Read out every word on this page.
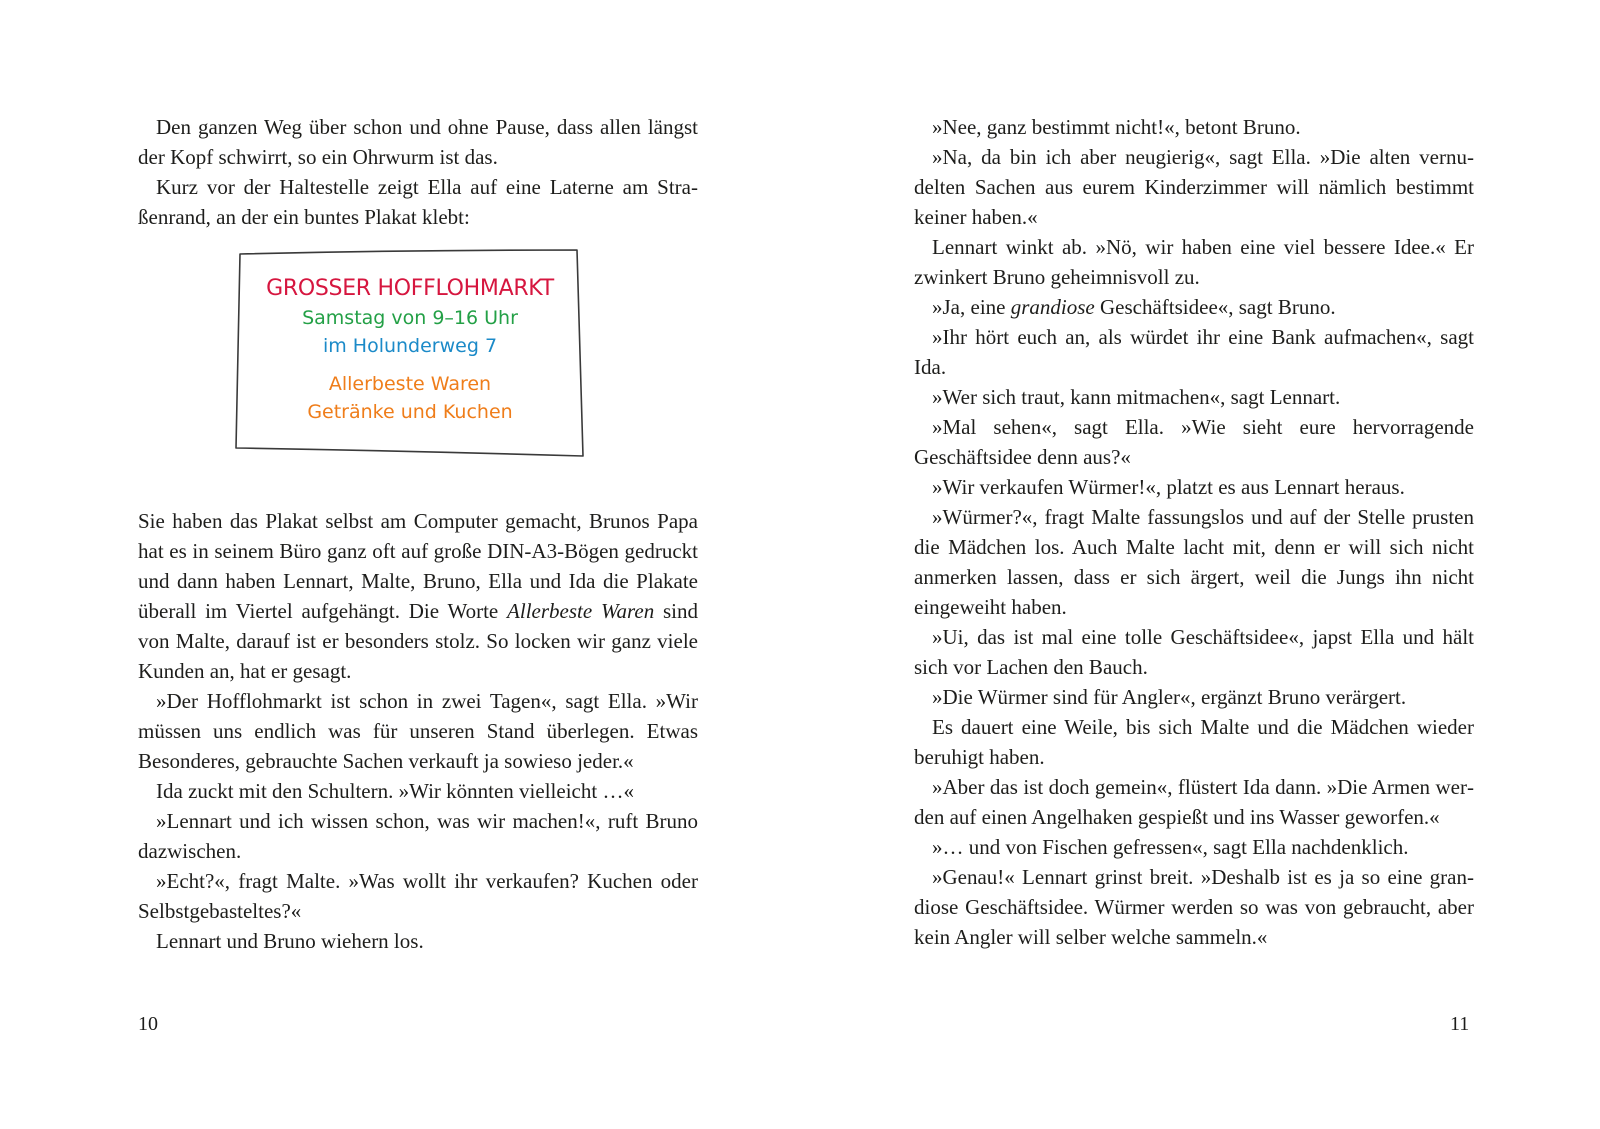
Den ganzen Weg über schon und ohne Pause, dass allen längst der Kopf schwirrt, so ein Ohrwurm ist das.

Kurz vor der Haltestelle zeigt Ella auf eine Laterne am Straßenrand, an der ein buntes Plakat klebt:

GROSSER HOFFLOHMARKT
Samstag von 9–16 Uhr
im Holunderweg 7
Allerbeste Waren
Getränke und Kuchen

Sie haben das Plakat selbst am Computer gemacht, Brunos Papa hat es in seinem Büro ganz oft auf große DIN-A3-Bögen gedruckt und dann haben Lennart, Malte, Bruno, Ella und Ida die Plakate überall im Viertel aufgehängt. Die Worte Allerbeste Waren sind von Malte, darauf ist er besonders stolz. So locken wir ganz viele Kunden an, hat er gesagt.

»Der Hofflohmarkt ist schon in zwei Tagen«, sagt Ella. »Wir müssen uns endlich was für unseren Stand überlegen. Etwas Besonderes, gebrauchte Sachen verkauft ja sowieso jeder.«

Ida zuckt mit den Schultern. »Wir könnten vielleicht …«

»Lennart und ich wissen schon, was wir machen!«, ruft Bruno dazwischen.

»Echt?«, fragt Malte. »Was wollt ihr verkaufen? Kuchen oder Selbstgebasteltes?«

Lennart und Bruno wiehern los.

10

»Nee, ganz bestimmt nicht!«, betont Bruno.

»Na, da bin ich aber neugierig«, sagt Ella. »Die alten vernudelten Sachen aus eurem Kinderzimmer will nämlich bestimmt keiner haben.«

Lennart winkt ab. »Nö, wir haben eine viel bessere Idee.« Er zwinkert Bruno geheimnisvoll zu.

»Ja, eine grandiose Geschäftsidee«, sagt Bruno.

»Ihr hört euch an, als würdet ihr eine Bank aufmachen«, sagt Ida.

»Wer sich traut, kann mitmachen«, sagt Lennart.

»Mal sehen«, sagt Ella. »Wie sieht eure hervorragende Geschäftsidee denn aus?«

»Wir verkaufen Würmer!«, platzt es aus Lennart heraus.

»Würmer?«, fragt Malte fassungslos und auf der Stelle prusten die Mädchen los. Auch Malte lacht mit, denn er will sich nicht anmerken lassen, dass er sich ärgert, weil die Jungs ihn nicht eingeweiht haben.

»Ui, das ist mal eine tolle Geschäftsidee«, japst Ella und hält sich vor Lachen den Bauch.

»Die Würmer sind für Angler«, ergänzt Bruno verärgert.

Es dauert eine Weile, bis sich Malte und die Mädchen wieder beruhigt haben.

»Aber das ist doch gemein«, flüstert Ida dann. »Die Armen werden auf einen Angelhaken gespießt und ins Wasser geworfen.«

»… und von Fischen gefressen«, sagt Ella nachdenklich.

»Genau!« Lennart grinst breit. »Deshalb ist es ja so eine grandiose Geschäftsidee. Würmer werden so was von gebraucht, aber kein Angler will selber welche sammeln.«

11
